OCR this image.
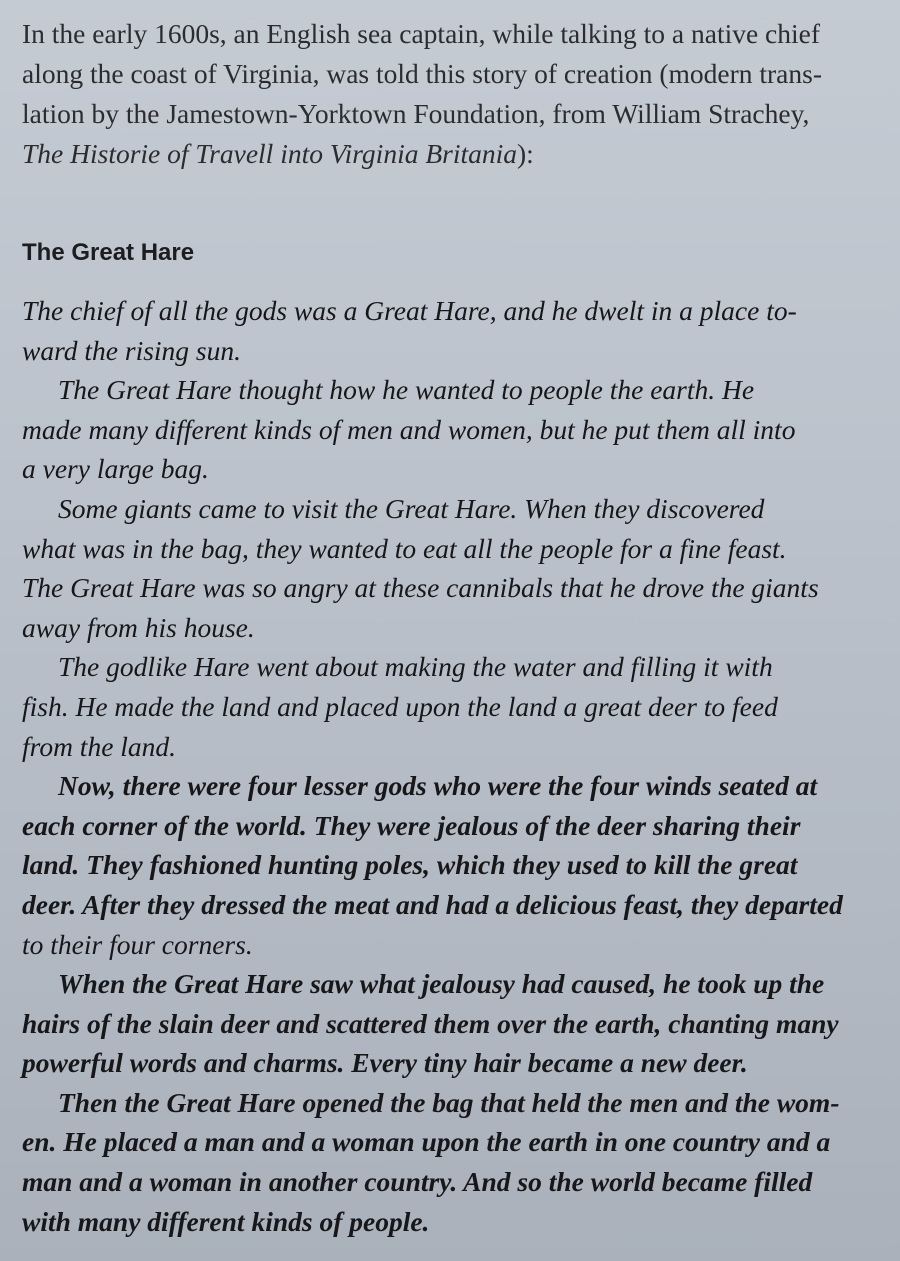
In the early 1600s, an English sea captain, while talking to a native chief
along the coast of Virginia, was told this story of creation (modern trans-
lation by the Jamestown-Yorktown Foundation, from William Strachey,
The Historie of Travell into Virginia Britania):

The Great Hare

The chief of all the gods was a Great Hare, and he dwelt in a place to-
ward the rising sun.

The Great Hare thought how he wanted to people the earth. He
made many different kinds of men and women, but he put them all into
a very large bag.

Some giants came to visit the Great Hare. When they discovered
what was in the bag, they wanted to eat all the people for a fine feast.
The Great Hare was so angry at these cannibals that he drove the giants
away from his house.

The godlike Hare went about making the water and filling it with
fish. He made the land and placed upon the land a great deer to feed
from the land.

Now, there were four lesser gods who were the four winds seated at
each corner of the world. They were jealous of the deer sharing their
land. They fashioned hunting poles, which they used to kill the great
deer. After they dressed the meat and had a delicious feast, they departed
to their four corners.

When the Great Hare saw what jealousy had caused, he took up the
hairs of the slain deer and scattered them over the earth, chanting many
powerful words and charms. Every tiny hair became a new deer.

Then the Great Hare opened the bag that held the men and the wom-
en. He placed a man and a woman upon the earth in one country and a
man and a woman in another country. And so the world became filled
with many different kinds of people.
